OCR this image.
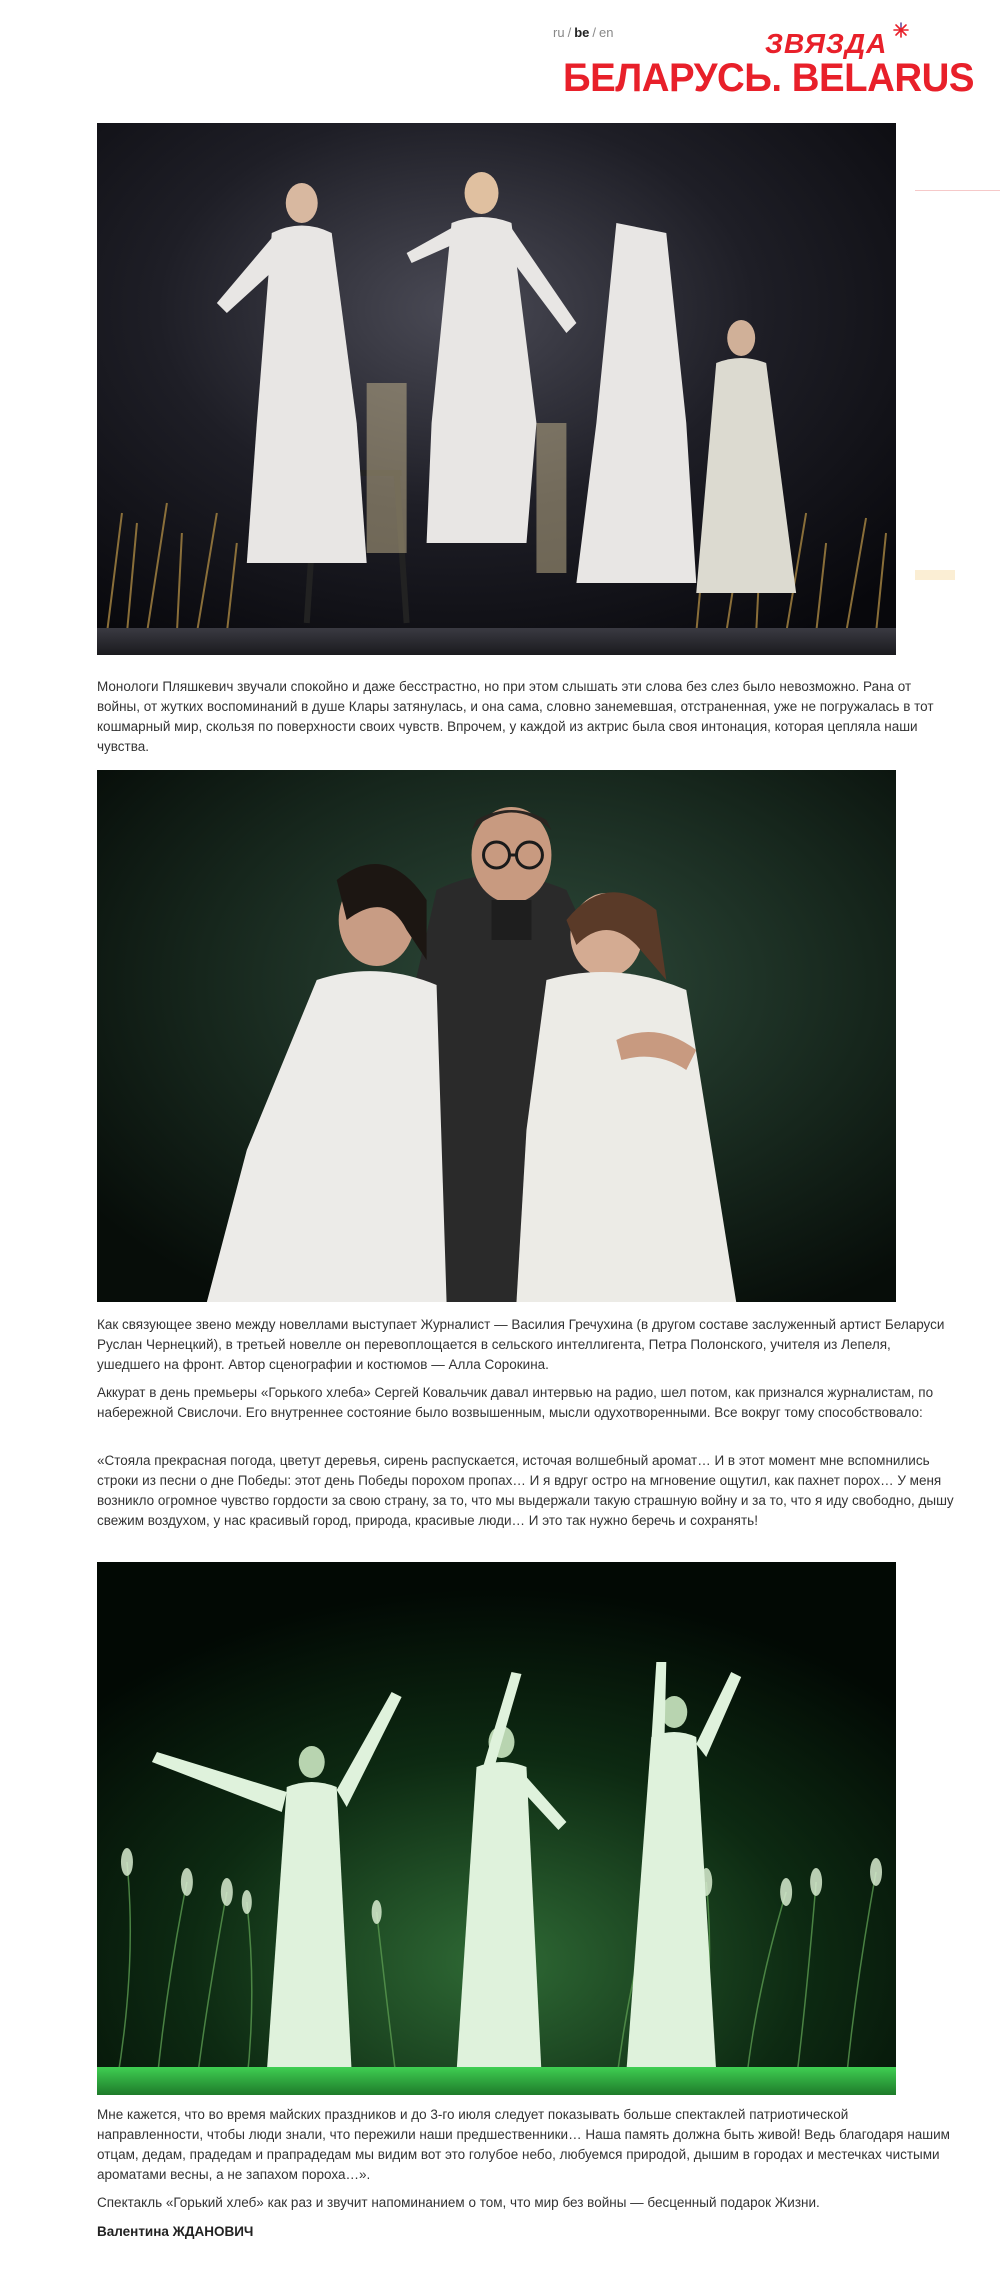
ru / be / en	ЗВЯЗДА
БЕЛАРУСЬ. BELARUS

Монологи Пляшкевич звучали спокойно и даже бесстрастно, но при этом слышать эти слова без слез было невозможно. Рана от войны, от жутких воспоминаний в душе Клары затянулась, и она сама, словно занемевшая, отстраненная, уже не погружалась в тот кошмарный мир, скользя по поверхности своих чувств. Впрочем, у каждой из актрис была своя интонация, которая цепляла наши чувства.

Как связующее звено между новеллами выступает Журналист — Василия Гречухина (в другом составе заслуженный артист Беларуси Руслан Чернецкий), в третьей новелле он перевоплощается в сельского интеллигента, Петра Полонского, учителя из Лепеля, ушедшего на фронт. Автор сценографии и костюмов — Алла Сорокина.

Аккурат в день премьеры «Горького хлеба» Сергей Ковальчик давал интервью на радио, шел потом, как признался журналистам, по набережной Свислочи. Его внутреннее состояние было возвышенным, мысли одухотворенными. Все вокруг тому способствовало:

«Стояла прекрасная погода, цветут деревья, сирень распускается, источая волшебный аромат… И в этот момент мне вспомнились строки из песни о дне Победы: этот день Победы порохом пропах… И я вдруг остро на мгновение ощутил, как пахнет порох… У меня возникло огромное чувство гордости за свою страну, за то, что мы выдержали такую страшную войну и за то, что я иду свободно, дышу свежим воздухом, у нас красивый город, природа, красивые люди… И это так нужно беречь и сохранять!

Мне кажется, что во время майских праздников и до 3-го июля следует показывать больше спектаклей патриотической направленности, чтобы люди знали, что пережили наши предшественники… Наша память должна быть живой! Ведь благодаря нашим отцам, дедам, прадедам и прапрадедам мы видим вот это голубое небо, любуемся природой, дышим в городах и местечках чистыми ароматами весны, а не запахом пороха…».

Спектакль «Горький хлеб» как раз и звучит напоминанием о том, что мир без войны — бесценный подарок Жизни.

Валентина ЖДАНОВИЧ
